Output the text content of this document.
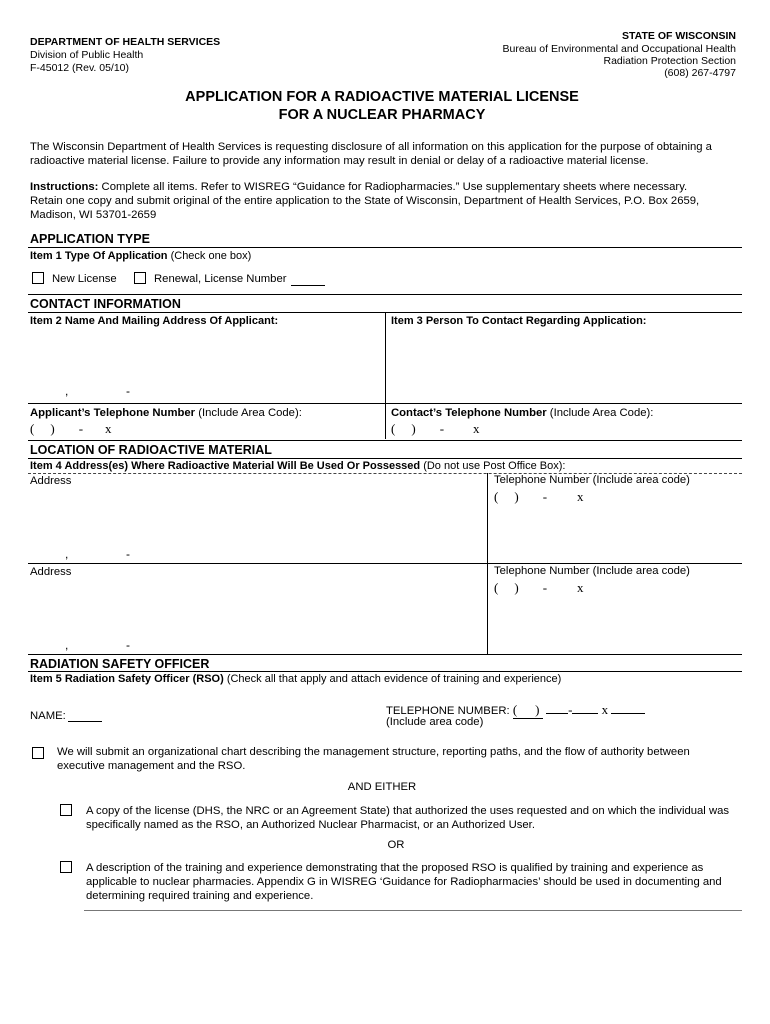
DEPARTMENT OF HEALTH SERVICES
Division of Public Health
F-45012 (Rev. 05/10)
STATE OF WISCONSIN
Bureau of Environmental and Occupational Health
Radiation Protection Section
(608) 267-4797
APPLICATION FOR A RADIOACTIVE MATERIAL LICENSE
FOR A NUCLEAR PHARMACY
The Wisconsin Department of Health Services is requesting disclosure of all information on this application for the purpose of obtaining a
radioactive material license. Failure to provide any information may result in denial or delay of a radioactive material license.
Instructions: Complete all items. Refer to WISREG “Guidance for Radiopharmacies.” Use supplementary sheets where necessary.
Retain one copy and submit original of the entire application to the State of Wisconsin, Department of Health Services, P.O. Box 2659,
Madison, WI 53701-2659
APPLICATION TYPE
Item 1 Type Of Application (Check one box)
New License	Renewal, License Number
CONTACT INFORMATION
Item 2 Name And Mailing Address Of Applicant:	Item 3 Person To Contact Regarding Application:
,	-
Applicant’s Telephone Number (Include Area Code):	Contact’s Telephone Number (Include Area Code):
( ) - x	( ) - x
LOCATION OF RADIOACTIVE MATERIAL
Item 4 Address(es) Where Radioactive Material Will Be Used Or Possessed (Do not use Post Office Box):
Address
,	-
Telephone Number (Include area code)
( ) - x
Address
,	-
Telephone Number (Include area code)
( ) - x
RADIATION SAFETY OFFICER
Item 5 Radiation Safety Officer (RSO) (Check all that apply and attach evidence of training and experience)
NAME:	TELEPHONE NUMBER: ( ) - x
(Include area code)
We will submit an organizational chart describing the management structure, reporting paths, and the flow of authority between
executive management and the RSO.
AND EITHER
A copy of the license (DHS, the NRC or an Agreement State) that authorized the uses requested and on which the individual was
specifically named as the RSO, an Authorized Nuclear Pharmacist, or an Authorized User.
OR
A description of the training and experience demonstrating that the proposed RSO is qualified by training and experience as
applicable to nuclear pharmacies. Appendix G in WISREG ‘Guidance for Radiopharmacies’ should be used in documenting and
determining required training and experience.
